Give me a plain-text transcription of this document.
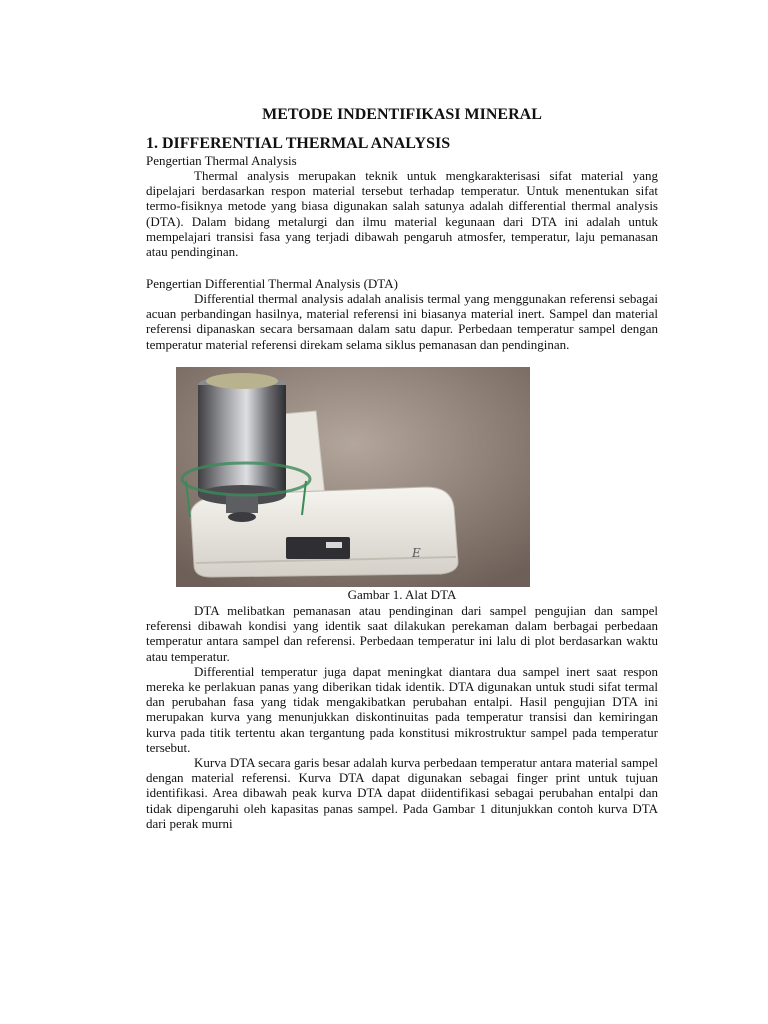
METODE INDENTIFIKASI MINERAL
1. DIFFERENTIAL THERMAL ANALYSIS

Pengertian Thermal Analysis

Thermal analysis merupakan teknik untuk mengkarakterisasi sifat material yang dipelajari berdasarkan respon material tersebut terhadap temperatur. Untuk menentukan sifat termo-fisiknya metode yang biasa digunakan salah satunya adalah differential thermal analysis (DTA). Dalam bidang metalurgi dan ilmu material kegunaan dari DTA ini adalah untuk mempelajari transisi fasa yang terjadi dibawah pengaruh atmosfer, temperatur, laju pemanasan atau pendinginan.

Pengertian Differential Thermal Analysis (DTA)

Differential thermal analysis adalah analisis termal yang menggunakan referensi sebagai acuan perbandingan hasilnya, material referensi ini biasanya material inert. Sampel dan material referensi dipanaskan secara bersamaan dalam satu dapur. Perbedaan temperatur sampel dengan temperatur material referensi direkam selama siklus pemanasan dan pendinginan.

Gambar 1. Alat DTA

DTA melibatkan pemanasan atau pendinginan dari sampel pengujian dan sampel referensi dibawah kondisi yang identik saat dilakukan perekaman dalam berbagai perbedaan temperatur antara sampel dan referensi. Perbedaan temperatur ini lalu di plot berdasarkan waktu atau temperatur.

Differential temperatur juga dapat meningkat diantara dua sampel inert saat respon mereka ke perlakuan panas yang diberikan tidak identik. DTA digunakan untuk studi sifat termal dan perubahan fasa yang tidak mengakibatkan perubahan entalpi. Hasil pengujian DTA ini merupakan kurva yang menunjukkan diskontinuitas pada temperatur transisi dan kemiringan kurva pada titik tertentu akan tergantung pada konstitusi mikrostruktur sampel pada temperatur tersebut.

Kurva DTA secara garis besar adalah kurva perbedaan temperatur antara material sampel dengan material referensi. Kurva DTA dapat digunakan sebagai finger print untuk tujuan identifikasi. Area dibawah peak kurva DTA dapat diidentifikasi sebagai perubahan entalpi dan tidak dipengaruhi oleh kapasitas panas sampel. Pada Gambar 1 ditunjukkan contoh kurva DTA dari perak murni

E
